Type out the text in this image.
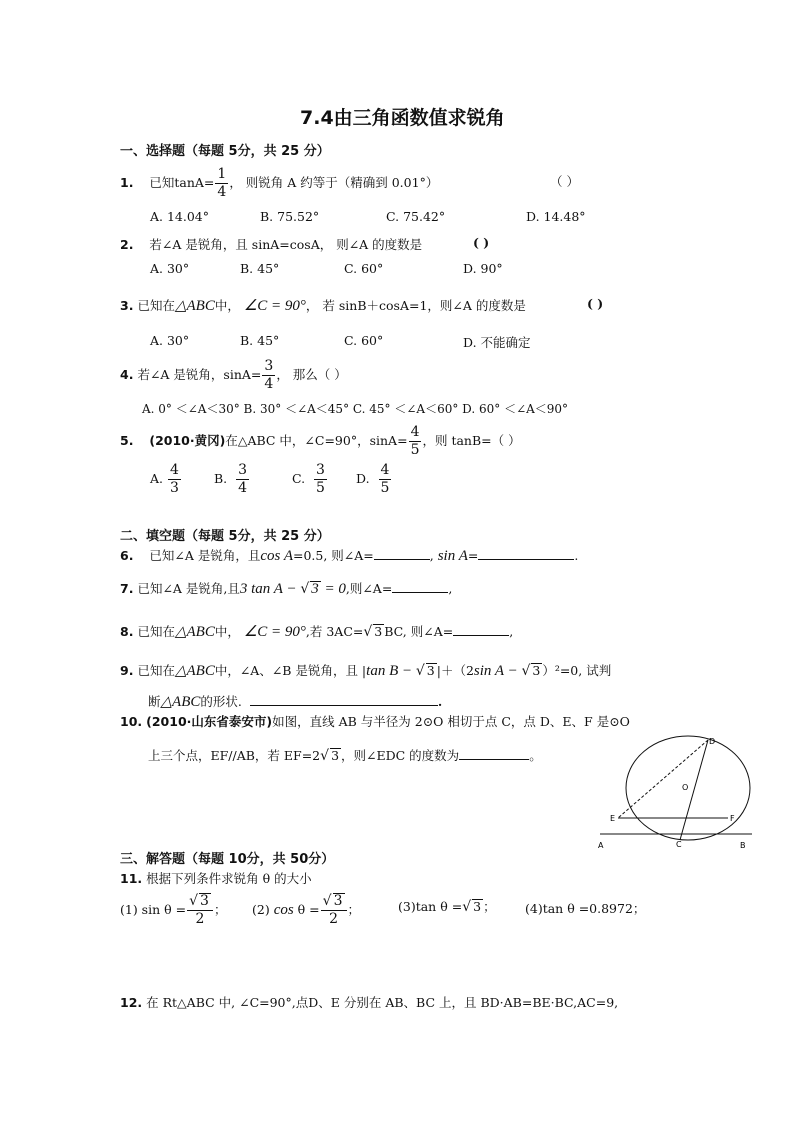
7.4由三角函数值求锐角
一、选择题（每题 5分，共 25 分）
1. 已知$\tan A= \frac{1}{4}$ ， 则锐角 A 约等于（精确到 0.01°）	（ ）
A. 14.04°	B. 75.52°	C. 75.42°	D. 14.48°
2. 若∠A 是锐角，且 sinA=cosA， 则∠A 的度数是	( )
A. 30°	B. 45°	C. 60°	D. 90°
3. 已知在△ABC中， ∠C = 90°， 若 sinB＋cosA=1，则∠A 的度数是	( )
A. 30°	B. 45°	C. 60°	D. 不能确定
4. 若∠A 是锐角，$\sin A= \frac{3}{4}$ ， 那么（ ）
A. 0° ＜∠A＜30° B. 30° ＜∠A＜45° C. 45° ＜∠A＜60° D. 60° ＜∠A＜90°
5. (2010·黄冈)在△ABC 中，∠C=90°，$\sin A= \frac{4}{5}$ ，则 tanB=（ ）
A. $\frac{4}{3}$	B. $\frac{3}{4}$	C. $\frac{3}{5} D$. $\frac{4}{5}$
二、填空题（每题 5分，共 25 分）
6. 已知∠A 是锐角，且cos A=0.5, 则∠A=	, sin A=	.
7. 已知∠A 是锐角,且3 tan A − √ 3 = 0,则∠A=	,
8. 已知在△ABC中， ∠C = 90°,若 3AC=√ 3 BC, 则∠A=	,
9. 已知在△ABC中，∠A、∠B 是锐角，且 |tan B − √ 3 |＋（2sin A − √ 3 ）²=0, 试判
断△ABC的形状.	.
10. (2010·山东省泰安市)如图，直线 AB 与半径为 2⊙O 相切于点 C，点 D、E、F 是⊙O
上三个点，EF//AB，若 EF=2√ 3 ，则∠EDC 的度数为	。
D
O
E	F
A	C	B
三、解答题（每题 10分，共 50分）
11. 根据下列条件求锐角 θ 的大小
(1) $\sin \theta = \frac{√ 3}{2}$ ； (2) $\cos \theta = \frac{√ 3}{2}$ ；	(3)tan θ =√ 3 ； (4)tan θ =0.8972；
12. 在 Rt△ABC 中, ∠C=90°,点D、E 分别在 AB、BC 上，且 BD·AB=BE·BC,AC=9,
